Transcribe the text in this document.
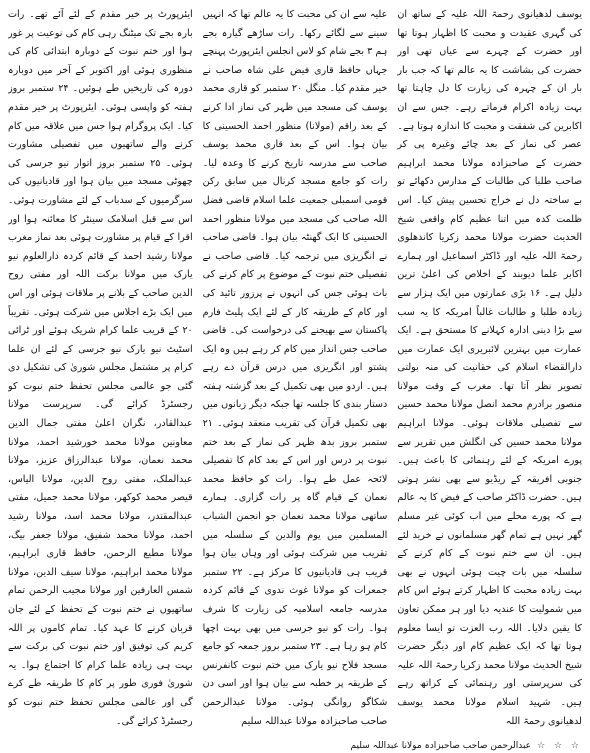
یوسف لدھیانوی رحمۃ اللہ علیہ کے ساتھ ان کی گہری عقیدت و محبت کا اظہار ہوتا تھا اور حضرت کے چہرے سے عیاں تھی اور حضرت کی بشاشت کا یہ عالم تھا کہ جب بار بار ان کے چہرہ کی زیارت کا دل چاہتا تھا بہت زیادہ اکرام فرماتے رہے۔ جس سے ان اکابرین کی شفقت و محبت کا اندازہ ہوتا ہے۔ عصر کی نماز کے بعد چائے وغیرہ پی کر حضرت کے صاحبزادہ مولانا محمد ابراہیم صاحب طلبا کی طالبات کے مدارس دکھائے تو بے ساختہ دل نے خراج تحسین پیش کیا۔ اس ظلمت کدہ میں اتنا عظیم کام واقعی شیخ الحدیث حضرت مولانا محمد زکریا کاندھلوی رحمۃ اللہ علیہ اور ڈاکٹر اسماعیل اور ہمارے اکابر علما دیوبند کے اخلاص کی اعلیٰ ترین دلیل ہے۔ ۱۶ بڑی عمارتوں میں ایک ہزار سے زیادہ طلبا و طالبات غالباً امریکہ کا یہ سب سے بڑا دینی ادارہ کہلانے کا مستحق ہے۔ ایک عمارت میں بہترین لائبریری ایک عمارت میں دارالقضاء اسلام کی حقانیت کی منہ بولتی تصویر نظر آتا تھا۔ مغرب کے وقت مولانا منصور برادرم محمد انصل مولانا محمد حسین سے تفصیلی ملاقات ہوئی۔ مولانا ابراہیم مولانا محمد حسین کی انگلش میں تقریر سے پورے امریکہ کے لئے رہنمائی کا باعث ہیں۔ جنوبی افریقہ کے ریڈیو سے بھی نشر ہوتی ہیں۔ حضرت ڈاکٹر صاحب کے فیض کا یہ عالم ہے کہ پورے محلے میں اب کوئی غیر مسلم گھر نہیں ہے تمام گھر مسلمانوں نے خرید لئے ہیں۔ ان سے ختم نبوت کے کام کرنے کے سلسلہ میں بات چیت ہوئی انہوں نے بھی بہت زیادہ محبت کا اظہار کرتے ہوئے اس کام میں شمولیت کا عندیہ دیا اور ہر ممکن تعاون کا یقین دلایا۔ اللہ رب العزت تو ایسا معلوم ہوتا تھا کہ ایک عظیم کام اور دیگر حضرت شیخ الحدیث مولانا محمد زکریا رحمۃ اللہ علیہ کی سرپرستی اور رہنمائی کے کراتھ رہے ہیں۔ شہید اسلام مولانا محمد یوسف لدھیانوی رحمۃ اللہ

علیہ سے ان کی محبت کا یہ عالم تھا کہ انہیں سینے سے لگائے رکھا۔ رات ساڑھے گیارہ بجے ہم ۳ بجے شام کو لاس انجلس ایئرپورٹ پہنچے جہاں حافظ قاری فیض علی شاہ صاحب نے خیر مقدم کیا۔ منگل ۲۰ ستمبر کو قاری محمد یوسف کی مسجد میں ظہر کی نماز ادا کرنے کے بعد راقم (مولانا) منظور احمد الحسینی کا بیان ہوا۔ اس کے بعد قاری محمد یوسف صاحب سے مدرسہ تاریخ کرنے کا وعدہ لیا۔ رات کو جامع مسجد کرنال میں سابق رکن قومی اسمبلی جمعیت علما اسلام قاضی فضل اللہ صاحب کی مسجد میں مولانا منظور احمد الحسینی کا ایک گھنٹہ بیان ہوا۔ قاضی صاحب نے انگریزی میں ترجمہ کیا۔ قاضی صاحب نے تفصیلی ختم نبوت کے موضوع پر کام کرنے کی بات ہوئی جس کی انہوں نے پرزور تائید کی اور کام کے طریقہ کار کے لئے ایک پلیٹ فارم پاکستان سے بھیجنے کی درخواست کی۔ قاضی صاحب جس انداز میں کام کر رہے ہیں وہ ایک پشتو اور انگریزی میں درس قرآن دے رہے ہیں۔ اردو میں بھی تکمیل کے بعد گزشتہ ہفتہ دستار بندی کا جلسہ تھا جبکہ دیگر زبانوں میں بھی تکمیل قرآن کی تقریب منعقد ہوئی۔ ۲۱ ستمبر بروز بدھ ظہر کی نماز کے بعد ختم نبوت پر درس اور اس کے بعد کام کا تفصیلی لائحہ عمل طے ہوا۔ رات کو حافظ محمد نعمان کے قیام گاہ پر رات گزاری۔ ہمارے ساتھی مولانا محمد نعمان جو انجمن الشباب المسلمین میں یوم والدین کے سلسلہ میں تقریب میں شرکت ہوئی اور وہاں بیان ہوا قریب ہی قادیانیوں کا مرکز ہے۔ ۲۲ ستمبر جمعرات کو مولانا غوث ندوی کے قائم کردہ مدرسہ جامعہ اسلامیہ کی زیارت کا شرف ہوا۔ رات کو نیو جرسی میں بھی بہت اچھا کام ہو رہا ہے۔ ۲۳ ستمبر بروز جمعہ کو جامع مسجد فلاح نیو یارک میں ختم نبوت کانفرنس کے طریقہ پر خطبہ سے بیان ہوا اور اسی دن شکاگو روانگی ہوئی۔ مولانا عبدالرحمن صاحب صاحبزادہ مولانا عبداللہ سلیم

ایئرپورٹ پر خیر مقدم کے لئے آئے تھے۔ رات بارہ بجے تک میٹنگ رہی کام کی نوعیت پر غور ہوا اور ختم نبوت کے دوبارہ ابتدائی کام کی منظوری ہوئی اور اکتوبر کے آخر میں دوبارہ دورہ کی تاریخیں طے ہوئیں۔ ۲۴ ستمبر بروز ہفتہ کو واپسی ہوئی۔ ایئرپورٹ پر خیر مقدم کیا۔ ایک پروگرام ہوا جس میں علاقہ میں کام کرنے والے ساتھیوں میں تفصیلی مشاورت ہوئی۔ ۲۵ ستمبر بروز اتوار نیو جرسی کی چھوٹی مسجد میں بیان ہوا اور قادیانیوں کی سرگرمیوں کے سدباب کے لئے مشاورت ہوئی۔ اس سے قبل اسلامک سینٹر کا معائنہ ہوا اور اقرا کے قیام پر مشاورت ہوئی بعد نماز مغرب مولانا رشید احمد کے قائم کردہ دارالعلوم نیو یارک میں مولانا برکت اللہ اور مفتی روح الدین صاحب کے بلانے پر ملاقات ہوئی اور اس میں ایک بڑے اجلاس میں شرکت ہوئی۔ تقریباً ۲۰ کے قریب علما کرام شریک ہوئے اور ٹرائی اسٹیٹ نیو یارک نیو جرسی کے لئے ان علما کرام پر مشتمل مجلس شوریٰ کی تشکیل دی گئی جو عالمی مجلس تحفظ ختم نبوت کو رجسٹرڈ کرائے گی۔ سرپرست مولانا عبدالقادر، نگران اعلیٰ مفتی جمال الدین معاونین مولانا محمد خورشید احمد، مولانا محمد نعمان، مولانا عبدالرزاق عزیز، مولانا عبدالملک، مفتی روح الدین، مولانا الیاس، قیصر محمد کوکھر، مولانا محمد جمیل، مفتی عبدالمقتدر، مولانا محمد اسد، مولانا رشید احمد، مولانا محمد شفیق، مولانا جعفر بیگ، مولانا مطیع الرحمن، حافظ قاری ابراہیم، مولانا محمد ابراہیم، مولانا سیف الدین، مولانا شمس العارفین اور مولانا مجیب الرحمن تمام ساتھیوں نے ختم نبوت کے تحفظ کے لئے جان قربان کرنے کا عہد کیا۔ تمام کاموں پر اللہ کریم کی توفیق اور ختم نبوت کی برکت سے بہت ہی زیادہ علما کرام کا اجتماع ہوا۔ یہ شوریٰ فوری طور پر کام کا طریقہ طے کرے گی اور عالمی مجلس تحفظ ختم نبوت کو رجسٹرڈ کرائے گی۔

عبدالرحمن صاحب صاحبزادہ مولانا عبداللہ سلیم ☆ ☆ ☆
